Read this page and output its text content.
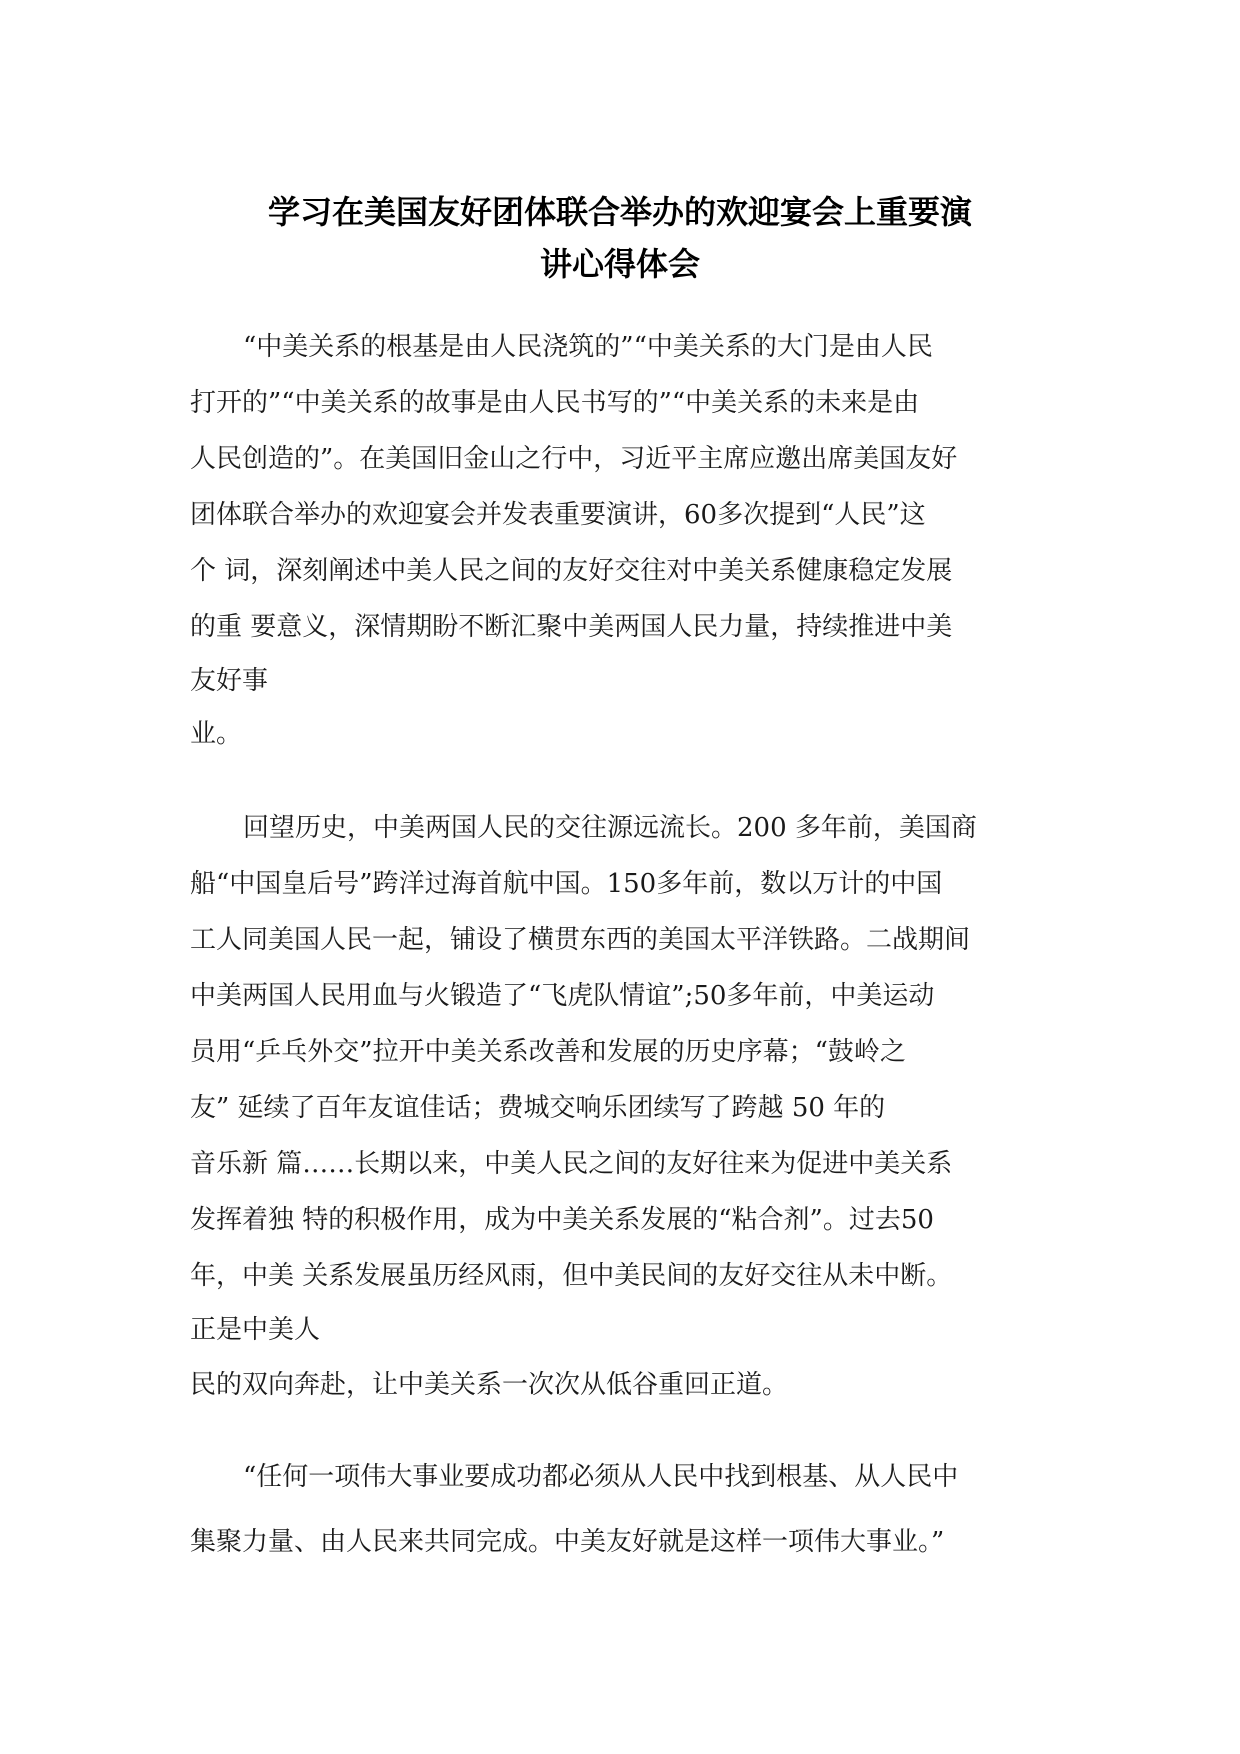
学习在美国友好团体联合举办的欢迎宴会上重要演
讲心得体会
“中美关系的根基是由人民浇筑的”“中美关系的大门是由人民
打开的”“中美关系的故事是由人民书写的”“中美关系的未来是由
人民创造的”。在美国旧金山之行中，习近平主席应邀出席美国友好
团体联合举办的欢迎宴会并发表重要演讲，60多次提到“人民”这
个 词，深刻阐述中美人民之间的友好交往对中美关系健康稳定发展
的重 要意义，深情期盼不断汇聚中美两国人民力量，持续推进中美
友好事
业。
回望历史，中美两国人民的交往源远流长。200 多年前，美国商
船“中国皇后号”跨洋过海首航中国。150多年前，数以万计的中国
工人同美国人民一起，铺设了横贯东西的美国太平洋铁路。二战期间
中美两国人民用血与火锻造了“飞虎队情谊”;50多年前，中美运动
员用“乒乓外交”拉开中美关系改善和发展的历史序幕；“鼓岭之
友” 延续了百年友谊佳话；费城交响乐团续写了跨越 50 年的
音乐新 篇……长期以来，中美人民之间的友好往来为促进中美关系
发挥着独 特的积极作用，成为中美关系发展的“粘合剂”。过去50
年，中美 关系发展虽历经风雨，但中美民间的友好交往从未中断。
正是中美人
民的双向奔赴，让中美关系一次次从低谷重回正道。
“任何一项伟大事业要成功都必须从人民中找到根基、从人民中
集聚力量、由人民来共同完成。中美友好就是这样一项伟大事业。”
